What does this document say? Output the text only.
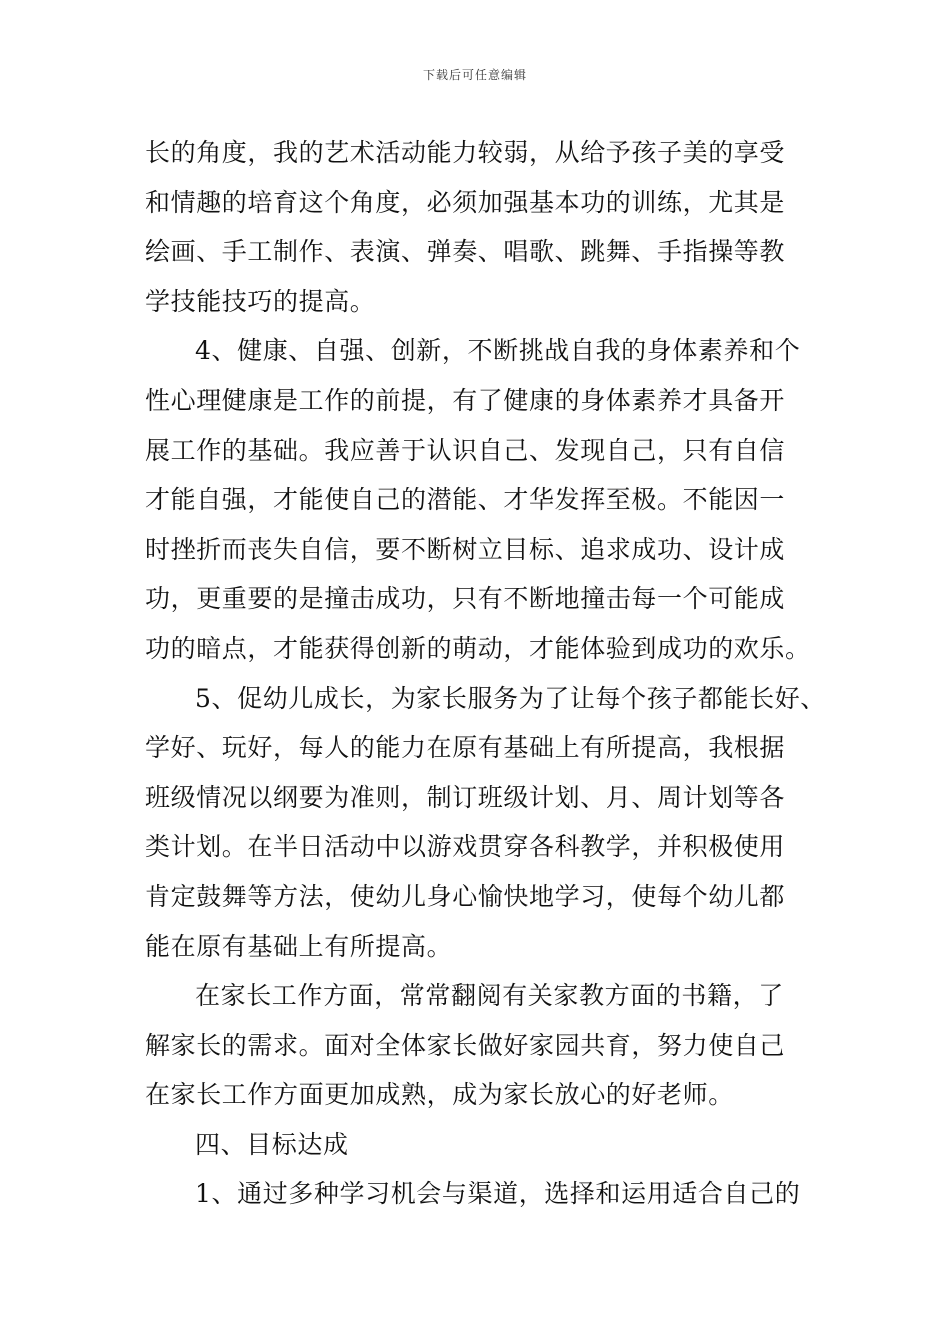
下载后可任意编辑
长的角度，我的艺术活动能力较弱，从给予孩子美的享受
和情趣的培育这个角度，必须加强基本功的训练，尤其是
绘画、手工制作、表演、弹奏、唱歌、跳舞、手指操等教
学技能技巧的提高。
4、健康、自强、创新，不断挑战自我的身体素养和个
性心理健康是工作的前提，有了健康的身体素养才具备开
展工作的基础。我应善于认识自己、发现自己，只有自信
才能自强，才能使自己的潜能、才华发挥至极。不能因一
时挫折而丧失自信，要不断树立目标、追求成功、设计成
功，更重要的是撞击成功，只有不断地撞击每一个可能成
功的暗点，才能获得创新的萌动，才能体验到成功的欢乐。
5、促幼儿成长，为家长服务为了让每个孩子都能长好、
学好、玩好，每人的能力在原有基础上有所提高，我根据
班级情况以纲要为准则，制订班级计划、月、周计划等各
类计划。在半日活动中以游戏贯穿各科教学，并积极使用
肯定鼓舞等方法，使幼儿身心愉快地学习，使每个幼儿都
能在原有基础上有所提高。
在家长工作方面，常常翻阅有关家教方面的书籍，了
解家长的需求。面对全体家长做好家园共育，努力使自己
在家长工作方面更加成熟，成为家长放心的好老师。
四、目标达成
1、通过多种学习机会与渠道，选择和运用适合自己的
